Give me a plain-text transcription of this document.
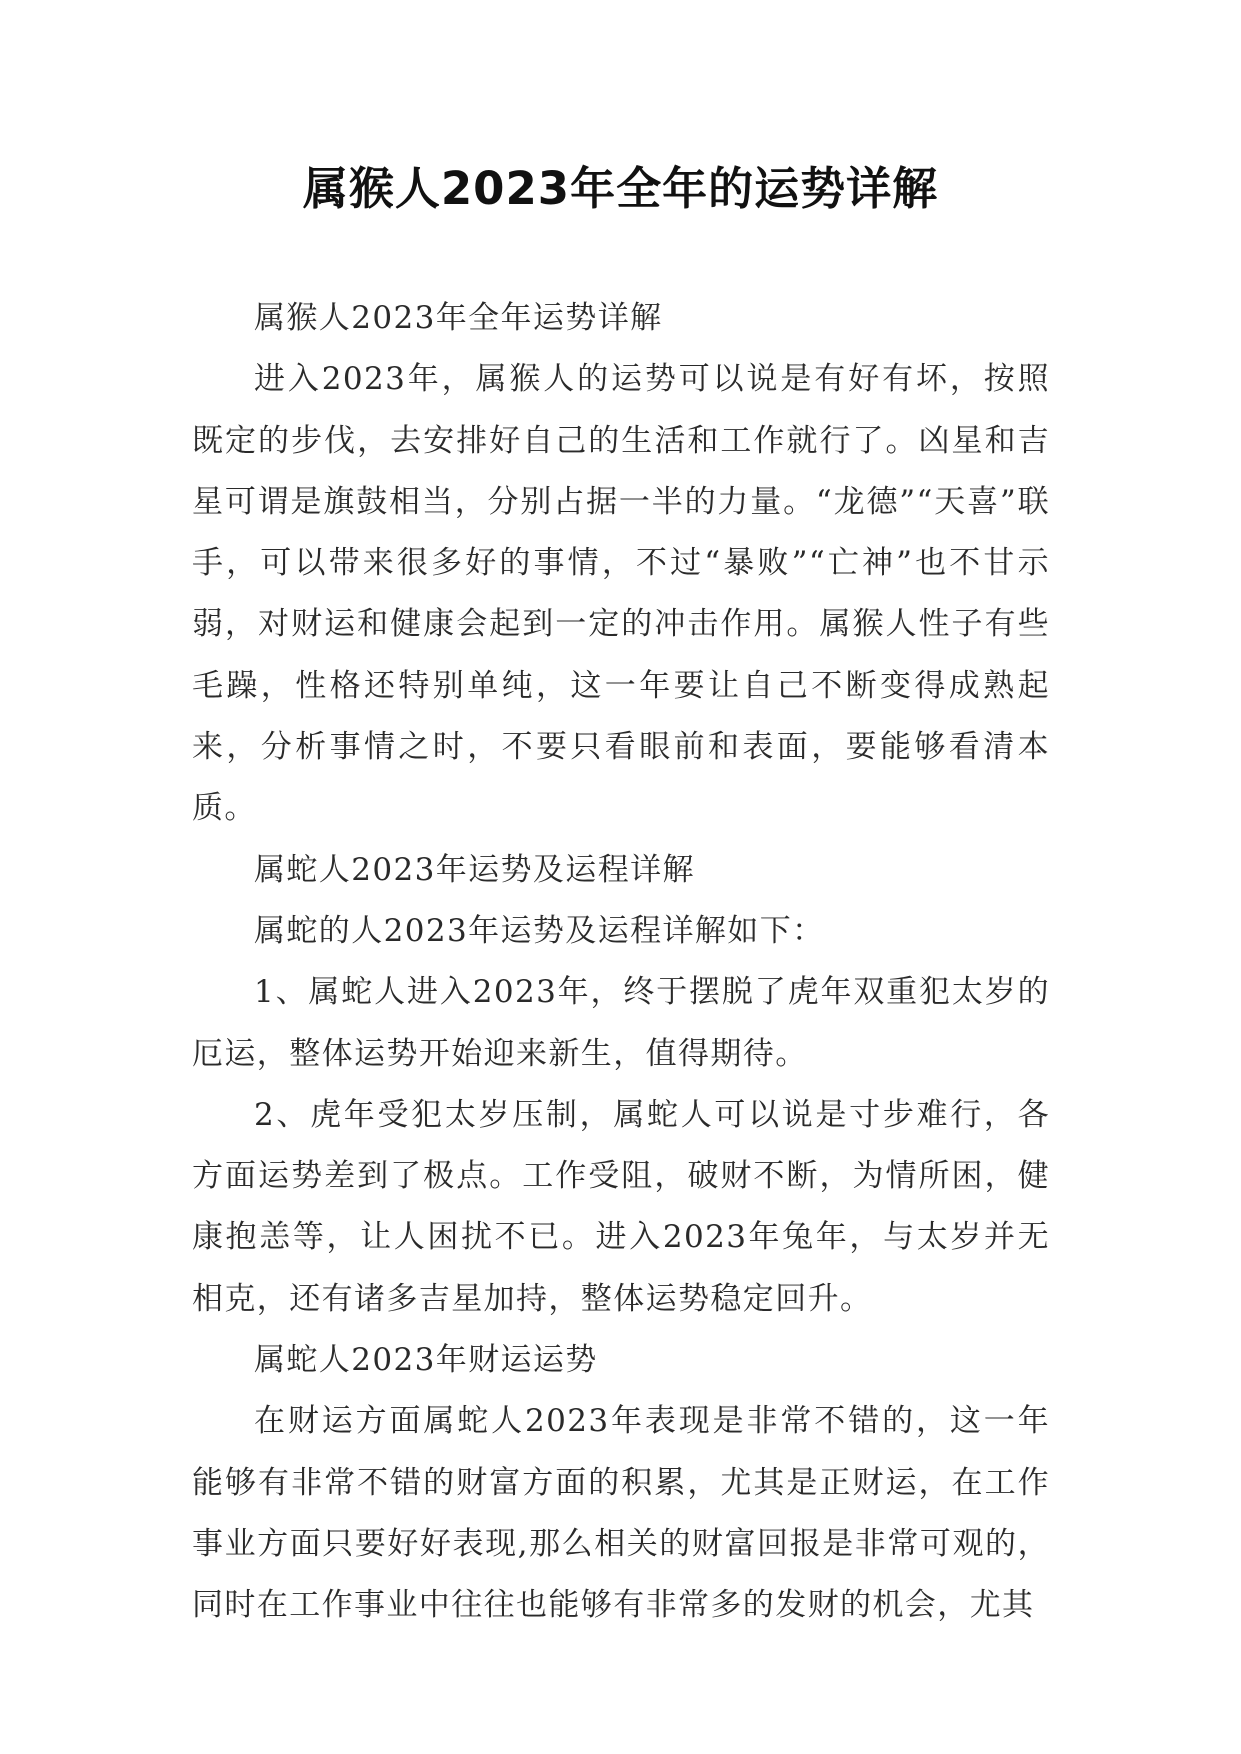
属猴人2023年全年的运势详解

属猴人2023年全年运势详解

进入2023年，属猴人的运势可以说是有好有坏，按照既定的步伐，去安排好自己的生活和工作就行了。凶星和吉星可谓是旗鼓相当，分别占据一半的力量。“龙德”“天喜”联手，可以带来很多好的事情，不过“暴败”“亡神”也不甘示弱，对财运和健康会起到一定的冲击作用。属猴人性子有些毛躁，性格还特别单纯，这一年要让自己不断变得成熟起来，分析事情之时，不要只看眼前和表面，要能够看清本质。

属蛇人2023年运势及运程详解

属蛇的人2023年运势及运程详解如下：

1、属蛇人进入2023年，终于摆脱了虎年双重犯太岁的厄运，整体运势开始迎来新生，值得期待。

2、虎年受犯太岁压制，属蛇人可以说是寸步难行，各方面运势差到了极点。工作受阻，破财不断，为情所困，健康抱恙等，让人困扰不已。进入2023年兔年，与太岁并无相克，还有诸多吉星加持，整体运势稳定回升。

属蛇人2023年财运运势

在财运方面属蛇人2023年表现是非常不错的，这一年能够有非常不错的财富方面的积累，尤其是正财运，在工作事业方面只要好好表现,那么相关的财富回报是非常可观的，同时在工作事业中往往也能够有非常多的发财的机会，尤其
